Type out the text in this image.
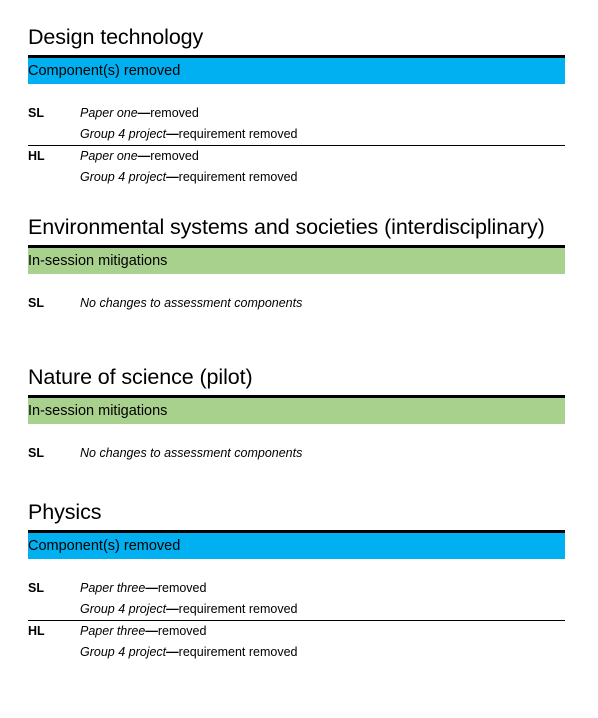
Design technology
Component(s) removed
SL	Paper one—removed
Group 4 project—requirement removed
HL	Paper one—removed
Group 4 project—requirement removed
Environmental systems and societies (interdisciplinary)
In-session mitigations
SL	No changes to assessment components
Nature of science (pilot)
In-session mitigations
SL	No changes to assessment components
Physics
Component(s) removed
SL	Paper three—removed
Group 4 project—requirement removed
HL	Paper three—removed
Group 4 project—requirement removed
